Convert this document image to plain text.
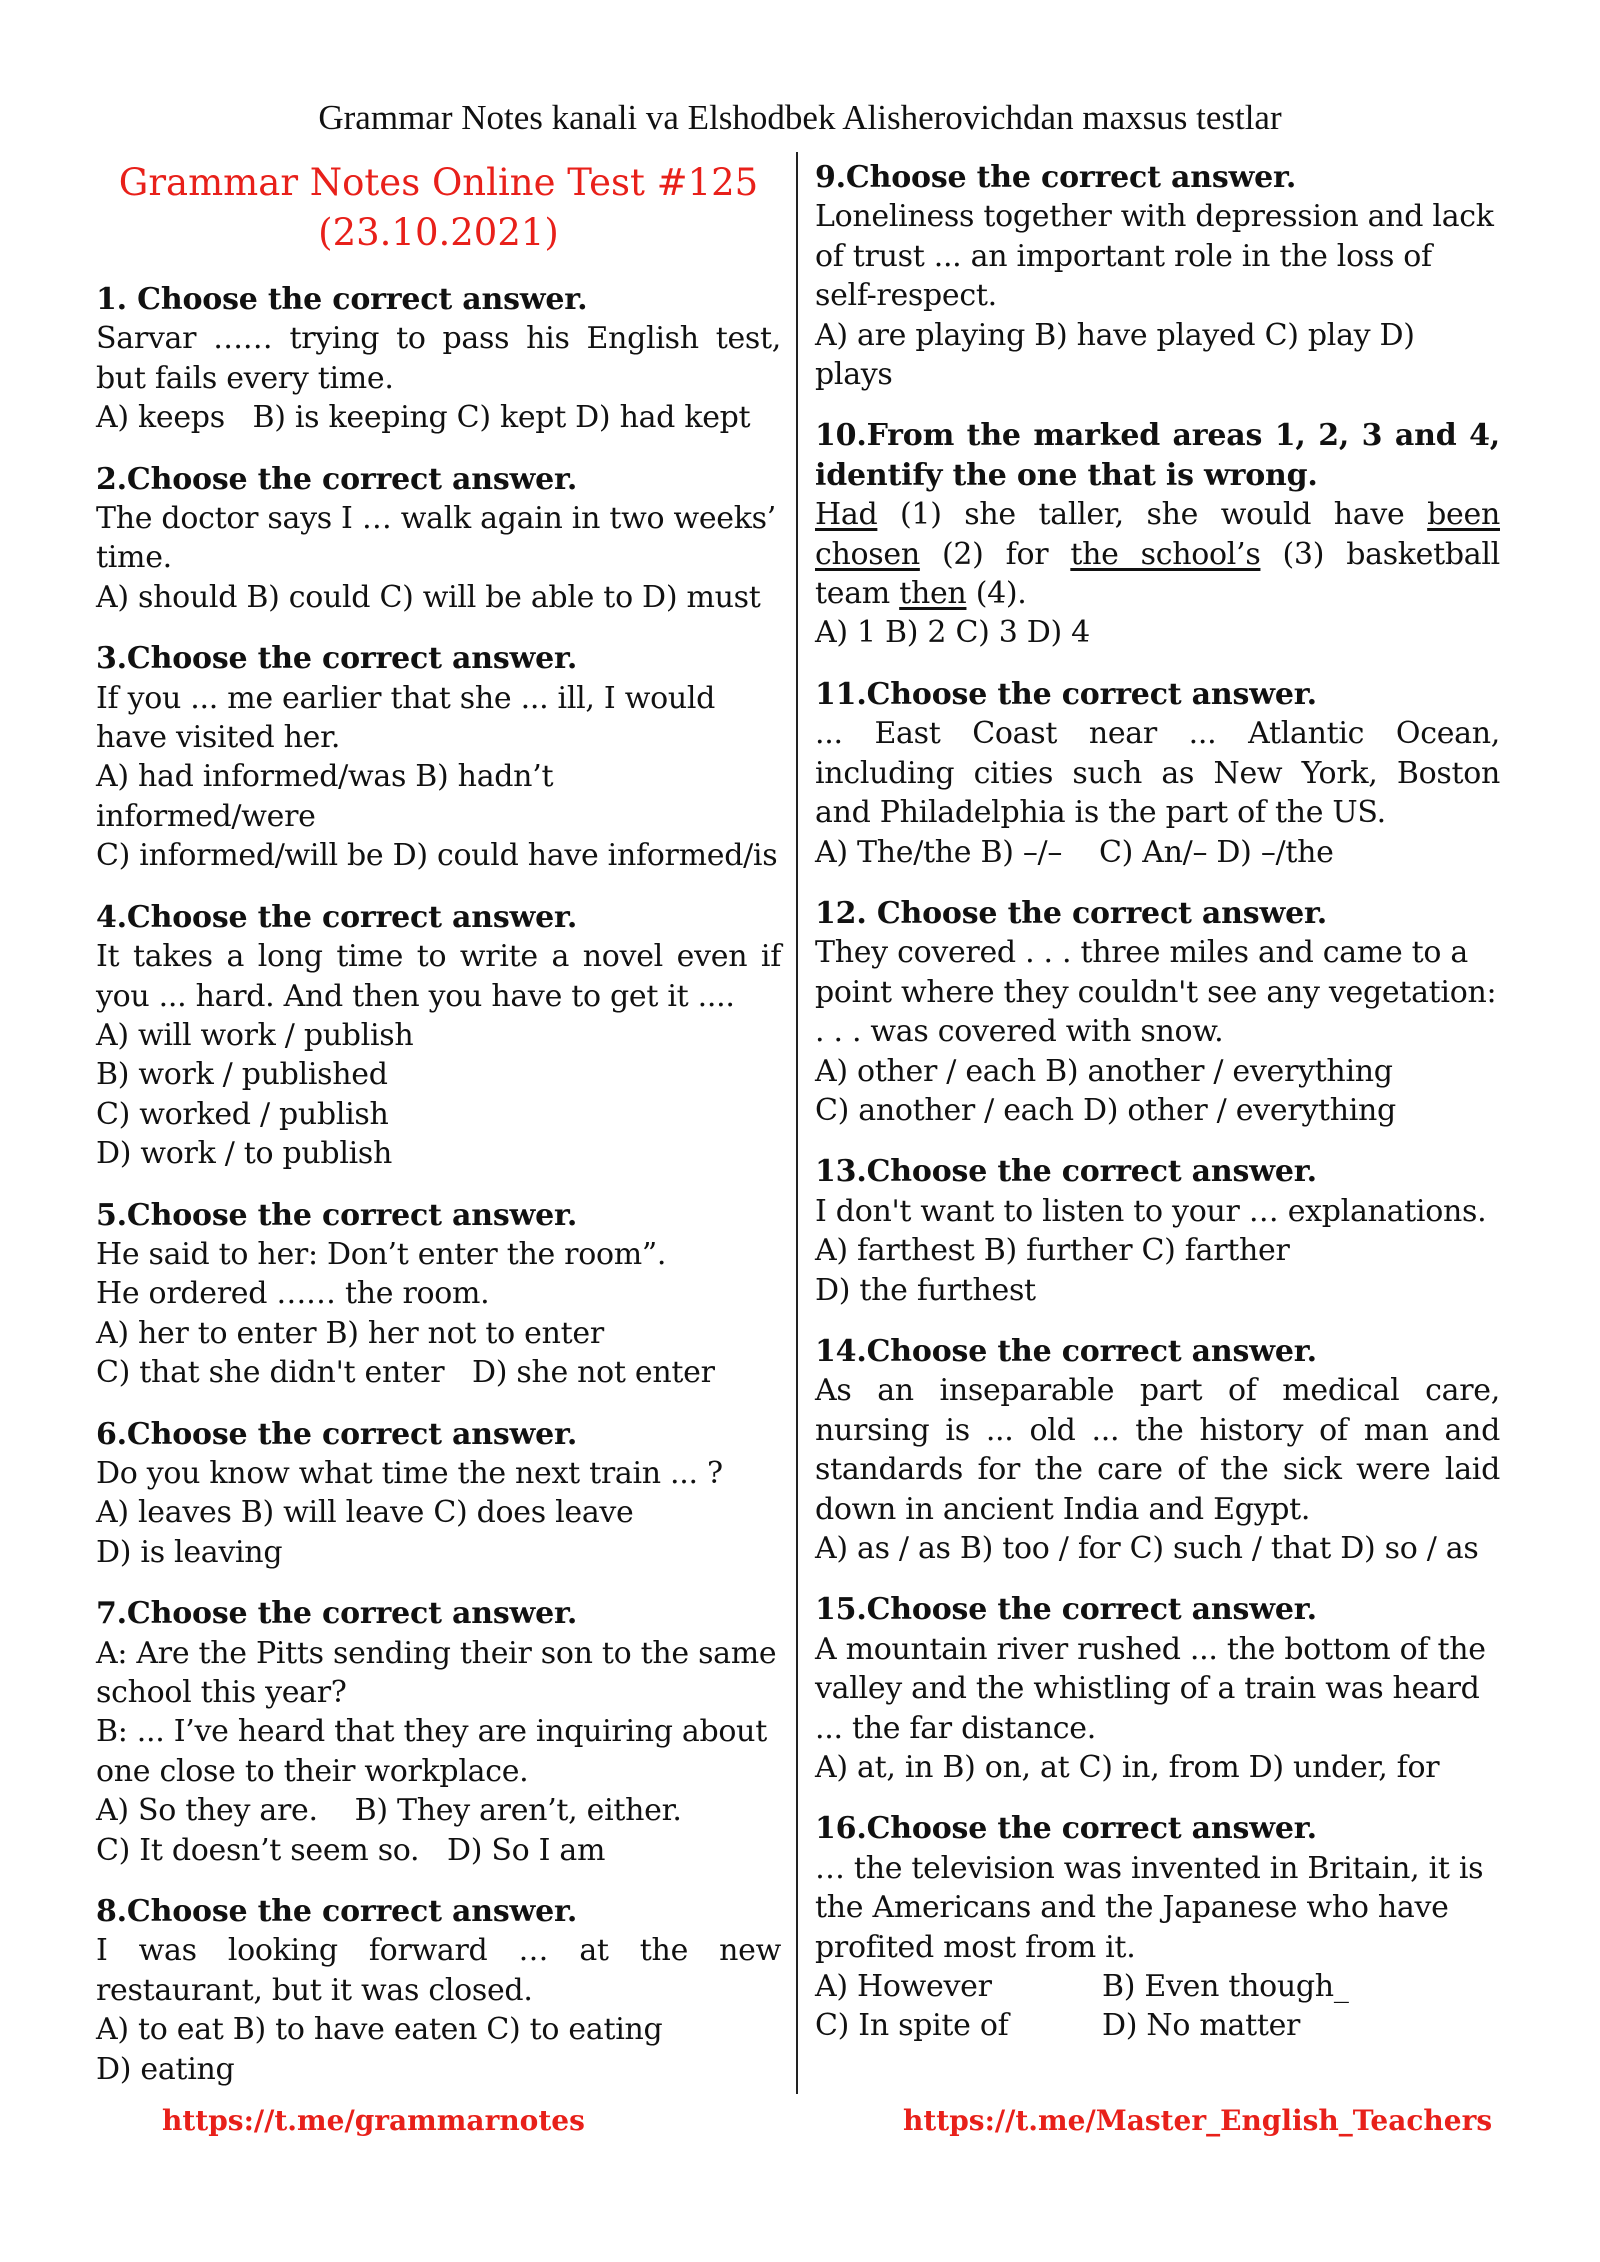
Grammar Notes kanali va Elshodbek Alisherovichdan maxsus testlar
Grammar Notes Online Test #125
(23.10.2021)
1. Choose the correct answer.
Sarvar …… trying to pass his English test, but fails every time.
A) keeps   B) is keeping C) kept D) had kept
2.Choose the correct answer.
The doctor says I … walk again in two weeks’ time.
A) should B) could C) will be able to D) must
3.Choose the correct answer.
If you ... me earlier that she ... ill, I would have visited her.
A) had informed/was B) hadn’t informed/were
C) informed/will be D) could have informed/is
4.Choose the correct answer.
It takes a long time to write a novel even if you ... hard. And then you have to get it ....
A) will work / publish
B) work / published
C) worked / publish
D) work / to publish
5.Choose the correct answer.
He said to her: Don’t enter the room”.
He ordered …… the room.
A) her to enter B) her not to enter
C) that she didn't enter   D) she not enter
6.Choose the correct answer.
Do you know what time the next train ... ?
A) leaves B) will leave C) does leave
D) is leaving
7.Choose the correct answer.
A: Are the Pitts sending their son to the same school this year?
B: ... I’ve heard that they are inquiring about one close to their workplace.
A) So they are.    B) They aren’t, either.
C) It doesn’t seem so.   D) So I am
8.Choose the correct answer.
I was looking forward … at the new restaurant, but it was closed.
A) to eat B) to have eaten C) to eating
D) eating
9.Choose the correct answer.
Loneliness together with depression and lack of trust ... an important role in the loss of self-respect.
A) are playing B) have played C) play D) plays
10.From the marked areas 1, 2, 3 and 4, identify the one that is wrong.
Had (1) she taller, she would have been chosen (2) for the school’s (3) basketball team then (4).
A) 1 B) 2 C) 3 D) 4
11.Choose the correct answer.
... East Coast near ... Atlantic Ocean, including cities such as New York, Boston and Philadelphia is the part of the US.
A) The/the B) –/–    C) An/– D) –/the
12. Choose the correct answer.
They covered . . . three miles and came to a point where they couldn't see any vegetation: . . . was covered with snow.
A) other / each B) another / everything
C) another / each D) other / everything
13.Choose the correct answer.
I don't want to listen to your … explanations.
A) farthest B) further C) farther
D) the furthest
14.Choose the correct answer.
As an inseparable part of medical care, nursing is ... old ... the history of man and standards for the care of the sick were laid down in ancient India and Egypt.
A) as / as B) too / for C) such / that D) so / as
15.Choose the correct answer.
A mountain river rushed ... the bottom of the valley and the whistling of a train was heard ... the far distance.
A) at, in B) on, at C) in, from D) under, for
16.Choose the correct answer.
… the television was invented in Britain, it is the Americans and the Japanese who have profited most from it.
A) However	B) Even though_
C) In spite of	D) No matter
https://t.me/grammarnotes	https://t.me/Master_English_Teachers
